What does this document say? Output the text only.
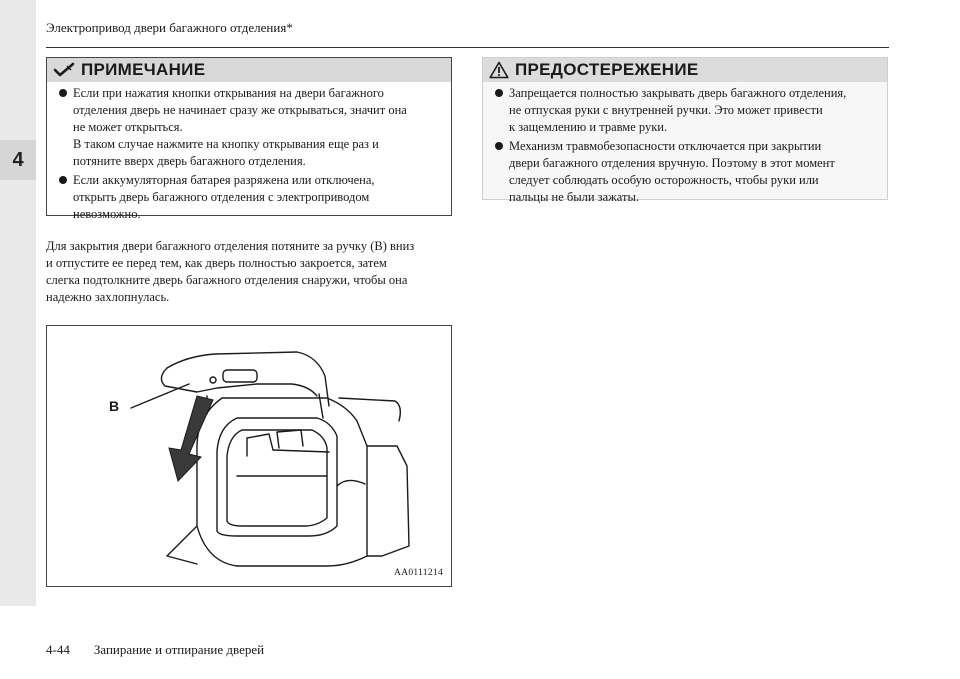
4
Электропривод двери багажного отделения*
ПРИМЕЧАНИЕ
Если при нажатия кнопки открывания на двери багажного
отделения дверь не начинает сразу же открываться, значит она
не может открыться.
В таком случае нажмите на кнопку открывания еще раз и
потяните вверх дверь багажного отделения.
Если аккумуляторная батарея разряжена или отключена,
открыть дверь багажного отделения с электроприводом
невозможно.
ПРЕДОСТЕРЕЖЕНИЕ
Запрещается полностью закрывать дверь багажного отделения,
не отпуская руки с внутренней ручки. Это может привести
к защемлению и травме руки.
Механизм травмобезопасности отключается при закрытии
двери багажного отделения вручную. Поэтому в этот момент
следует соблюдать особую осторожность, чтобы руки или
пальцы не были зажаты.
Для закрытия двери багажного отделения потяните за ручку (B) вниз
и отпустите ее перед тем, как дверь полностью закроется, затем
слегка подтолкните дверь багажного отделения снаружи, чтобы она
надежно захлопнулась.
B
AA0111214
4-44 Запирание и отпирание дверей
